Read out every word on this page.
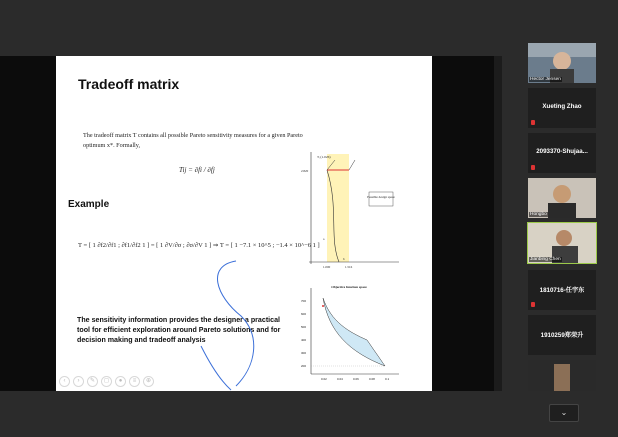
Tradeoff matrix
The tradeoff matrix T contains all possible Pareto sensitivity measures for a given Pareto optimum x*. Formally,
Tij = ∂fi / ∂fj
Example
T = [ 1 ∂f2/∂f1 ; ∂f1/∂f2 1 ] = [ 1 ∂V/∂σ ; ∂σ/∂V 1 ] ⇒ T = [ 1 −7.1 × 10^5 ; −1.4 × 10^−6 1 ]
The sensitivity information provides the designer a practical tool for efficient exploration around Pareto solutions and for decision making and tradeoff analysis
Feasible design space
T₁(1.026)
2.820
1.000	1.516
a
b
Objective function space
700
600
500
400
300
200
0.02	0.04	0.06	0.08	0.1
‹	›	✎	◻	●	≡	⊕
Hector Jensen
Xueting Zhao
2093370-Shujaa...
Hongbo
Jianbing Chen
1810716-任宇东
1910259郑荣升
⌄
